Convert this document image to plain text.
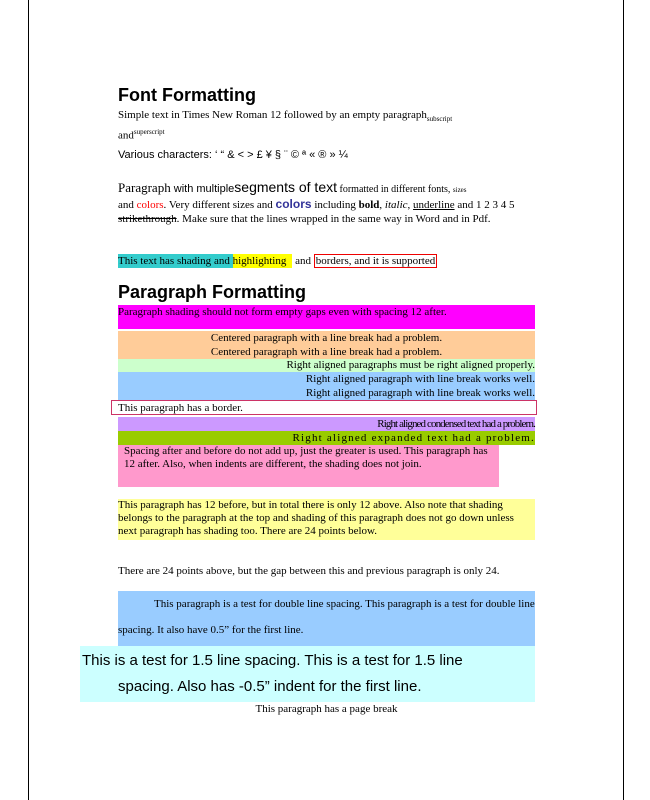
Font Formatting
Simple text in Times New Roman 12 followed by an empty paragraph$_{subscript}$
and$^{superscript}$
Various characters: ‘ “ & < > £ ¥ § ¨ © ª « ® » ¼
Paragraph with multiplesegments of text formatted in different fonts, sizes
and colors. Very different sizes and colors including bold, italic, underline and 1 2 3 4 5 strikethrough. Make sure that the lines wrapped in the same way in Word and in Pdf.
This text has shading and highlighting and borders, and it is supported
Paragraph Formatting
Paragraph shading should not form empty gaps even with spacing 12 after.
Centered paragraph with a line break had a problem.
Centered paragraph with a line break had a problem.
Right aligned paragraphs must be right aligned properly.
Right aligned paragraph with line break works well.
Right aligned paragraph with line break works well.
This paragraph has a border.
Right aligned condensed text had a problem.
Right aligned expanded text had a problem.
Spacing after and before do not add up, just the greater is used. This paragraph has 12 after. Also, when indents are different, the shading does not join.
This paragraph has 12 before, but in total there is only 12 above. Also note that shading belongs to the paragraph at the top and shading of this paragraph does not go down unless next paragraph has shading too. There are 24 points below.
There are 24 points above, but the gap between this and previous paragraph is only 24.
This paragraph is a test for double line spacing. This paragraph is a test for double line spacing. It also have 0.5” for the first line.
This is a test for 1.5 line spacing. This is a test for 1.5 line
spacing. Also has -0.5” indent for the first line.
This paragraph has a page break
